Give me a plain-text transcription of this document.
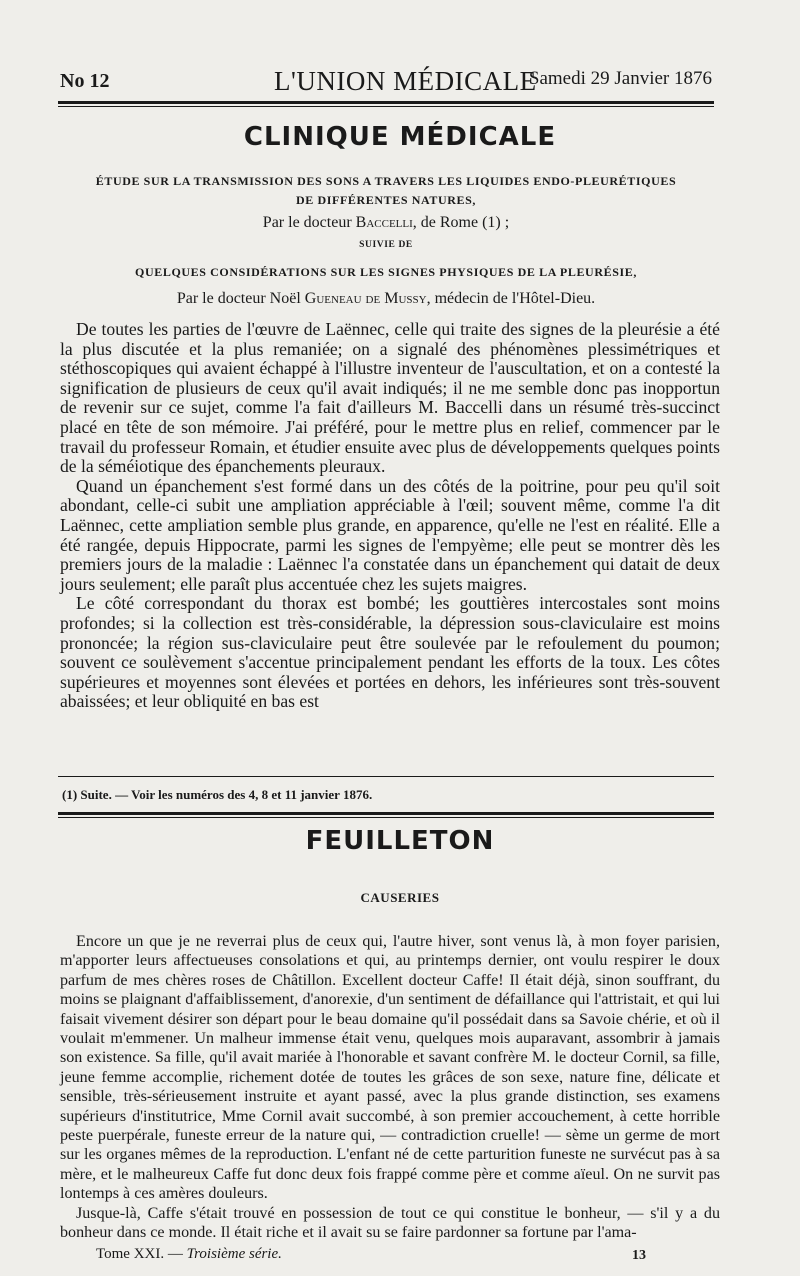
No 12	L'UNION MÉDICALE
Samedi 29 Janvier 1876
CLINIQUE MÉDICALE
ÉTUDE SUR LA TRANSMISSION DES SONS A TRAVERS LES LIQUIDES ENDO-PLEURÉTIQUES
DE DIFFÉRENTES NATURES,
Par le docteur Baccelli, de Rome (1) ;
SUIVIE DE
QUELQUES CONSIDÉRATIONS SUR LES SIGNES PHYSIQUES DE LA PLEURÉSIE,
Par le docteur Noël Gueneau de Mussy, médecin de l'Hôtel-Dieu.

De toutes les parties de l'œuvre de Laënnec, celle qui traite des signes de la pleurésie a été la plus discutée et la plus remaniée; on a signalé des phénomènes plessimétriques et stéthoscopiques qui avaient échappé à l'illustre inventeur de l'auscultation, et on a contesté la signification de plusieurs de ceux qu'il avait indiqués; il ne me semble donc pas inopportun de revenir sur ce sujet, comme l'a fait d'ailleurs M. Baccelli dans un résumé très-succinct placé en tête de son mémoire. J'ai préféré, pour le mettre plus en relief, commencer par le travail du professeur Romain, et étudier ensuite avec plus de développements quelques points de la séméiotique des épanchements pleuraux.

Quand un épanchement s'est formé dans un des côtés de la poitrine, pour peu qu'il soit abondant, celle-ci subit une ampliation appréciable à l'œil; souvent même, comme l'a dit Laënnec, cette ampliation semble plus grande, en apparence, qu'elle ne l'est en réalité. Elle a été rangée, depuis Hippocrate, parmi les signes de l'empyème; elle peut se montrer dès les premiers jours de la maladie : Laënnec l'a constatée dans un épanchement qui datait de deux jours seulement; elle paraît plus accentuée chez les sujets maigres.

Le côté correspondant du thorax est bombé; les gouttières intercostales sont moins profondes; si la collection est très-considérable, la dépression sous-claviculaire est moins prononcée; la région sus-claviculaire peut être soulevée par le refoulement du poumon; souvent ce soulèvement s'accentue principalement pendant les efforts de la toux. Les côtes supérieures et moyennes sont élevées et portées en dehors, les inférieures sont très-souvent abaissées; et leur obliquité en bas est

(1) Suite. — Voir les numéros des 4, 8 et 11 janvier 1876.
FEUILLETON
CAUSERIES

Encore un que je ne reverrai plus de ceux qui, l'autre hiver, sont venus là, à mon foyer parisien, m'apporter leurs affectueuses consolations et qui, au printemps dernier, ont voulu respirer le doux parfum de mes chères roses de Châtillon. Excellent docteur Caffe! Il était déjà, sinon souffrant, du moins se plaignant d'affaiblissement, d'anorexie, d'un sentiment de défaillance qui l'attristait, et qui lui faisait vivement désirer son départ pour le beau domaine qu'il possédait dans sa Savoie chérie, et où il voulait m'emmener. Un malheur immense était venu, quelques mois auparavant, assombrir à jamais son existence. Sa fille, qu'il avait mariée à l'honorable et savant confrère M. le docteur Cornil, sa fille, jeune femme accomplie, richement dotée de toutes les grâces de son sexe, nature fine, délicate et sensible, très-sérieusement instruite et ayant passé, avec la plus grande distinction, ses examens supérieurs d'institutrice, Mme Cornil avait succombé, à son premier accouchement, à cette horrible peste puerpérale, funeste erreur de la nature qui, — contradiction cruelle! — sème un germe de mort sur les organes mêmes de la reproduction. L'enfant né de cette parturition funeste ne survécut pas à sa mère, et le malheureux Caffe fut donc deux fois frappé comme père et comme aïeul. On ne survit pas lontemps à ces amères douleurs.

Jusque-là, Caffe s'était trouvé en possession de tout ce qui constitue le bonheur, — s'il y a du bonheur dans ce monde. Il était riche et il avait su se faire pardonner sa fortune par l'ama-

Tome XXI. — Troisième série.	13
